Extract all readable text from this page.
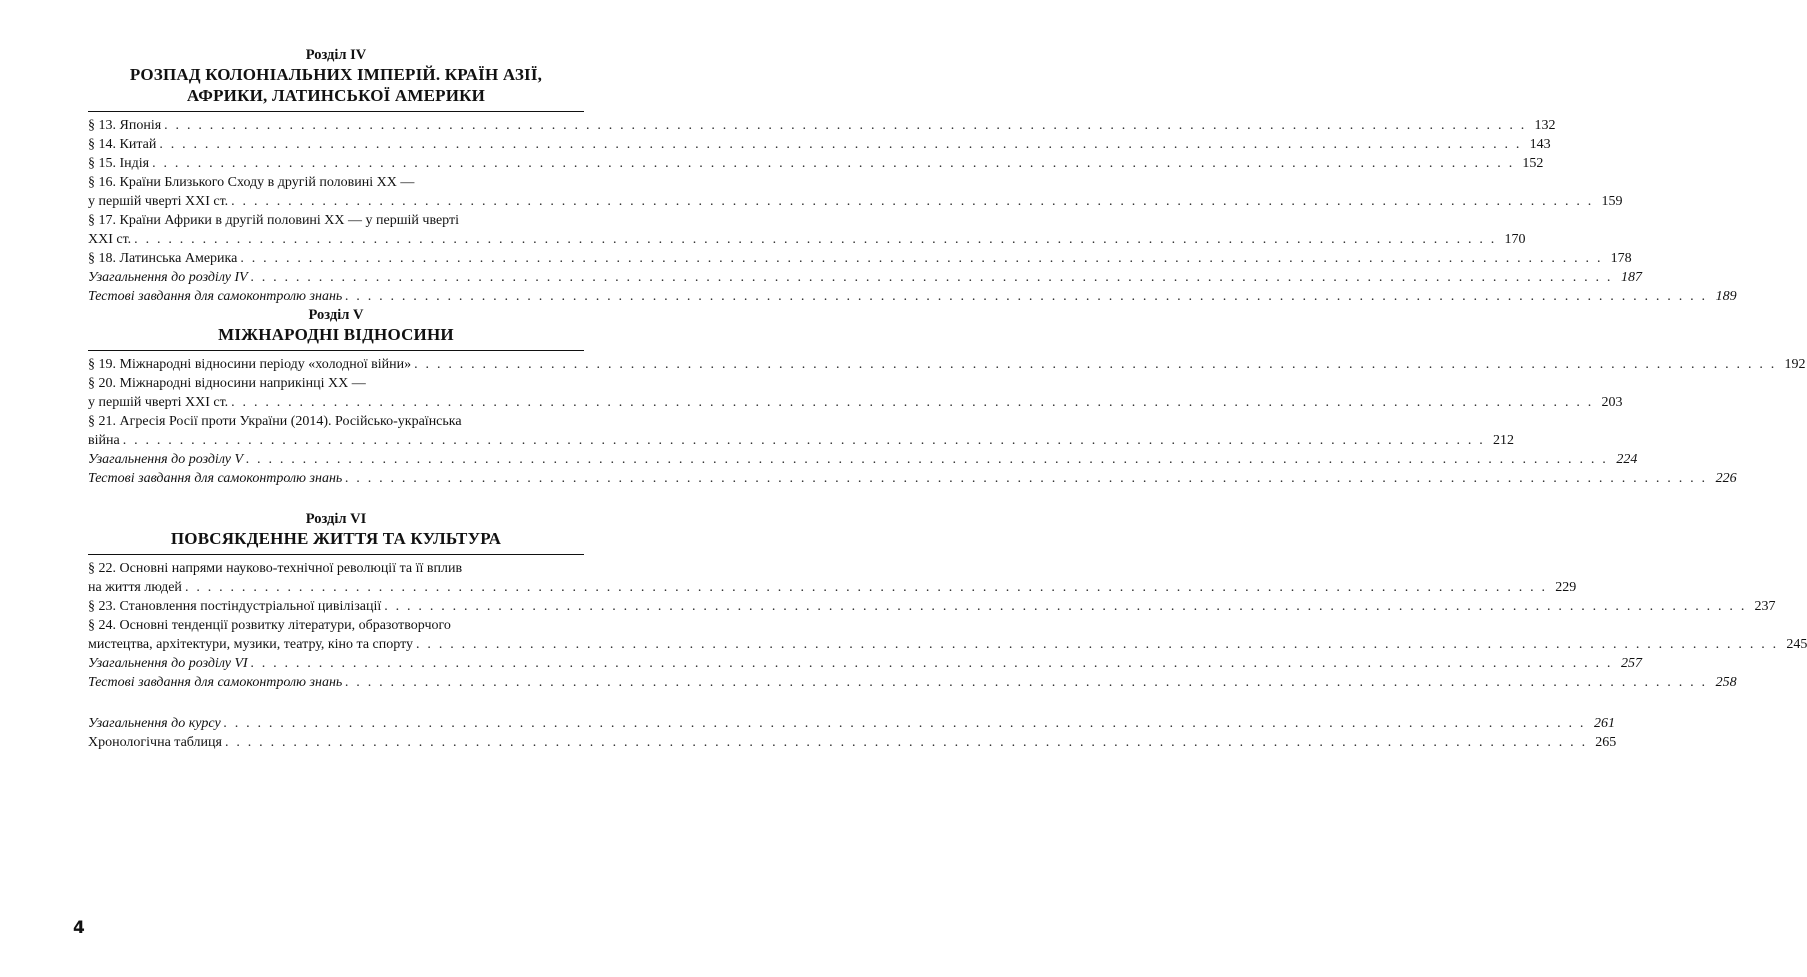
Розділ IV
РОЗПАД КОЛОНІАЛЬНИХ ІМПЕРІЙ. КРАЇН АЗІЇ,
АФРИКИ, ЛАТИНСЬКОЇ АМЕРИКИ
§ 13. Японія . . . . . . . . . . . . . . . . . . . . . . . . . . . . . . . . . . . . . . . . . . . . . . . . . . . . . . . . . . . . . . . . . . . . . . . . . . . . . . . . . . . . . . . . . . . . . . . . . . . . . . . . . . . . . . . . . . . . . . . . 132
§ 14. Китай . . . . . . . . . . . . . . . . . . . . . . . . . . . . . . . . . . . . . . . . . . . . . . . . . . . . . . . . . . . . . . . . . . . . . . . . . . . . . . . . . . . . . . . . . . . . . . . . . . . . . . . . . . . . . . . . . . . . . . . . 143
§ 15. Індія . . . . . . . . . . . . . . . . . . . . . . . . . . . . . . . . . . . . . . . . . . . . . . . . . . . . . . . . . . . . . . . . . . . . . . . . . . . . . . . . . . . . . . . . . . . . . . . . . . . . . . . . . . . . . . . . . . . . . . . . 152
§ 16. Країни Близького Сходу в другій половині XX —
у першій чверті XXI ст. . . . . . . . . . . . . . . . . . . . . . . . . . . . . . . . . . . . . . . . . . . . . . . . . . . . . . . . . . . . . . . . . . . . . . . . . . . . . . . . . . . . . . . . . . . . . . . . . . . . . . . . . . . . . . . . . . . . . . . . . 159
§ 17. Країни Африки в другій половині XX — у першій чверті
XXI ст. . . . . . . . . . . . . . . . . . . . . . . . . . . . . . . . . . . . . . . . . . . . . . . . . . . . . . . . . . . . . . . . . . . . . . . . . . . . . . . . . . . . . . . . . . . . . . . . . . . . . . . . . . . . . . . . . . . . . . . . . 170
§ 18. Латинська Америка . . . . . . . . . . . . . . . . . . . . . . . . . . . . . . . . . . . . . . . . . . . . . . . . . . . . . . . . . . . . . . . . . . . . . . . . . . . . . . . . . . . . . . . . . . . . . . . . . . . . . . . . . . . . . . . . . . . . . . . . 178
Узагальнення до розділу IV . . . . . . . . . . . . . . . . . . . . . . . . . . . . . . . . . . . . . . . . . . . . . . . . . . . . . . . . . . . . . . . . . . . . . . . . . . . . . . . . . . . . . . . . . . . . . . . . . . . . . . . . . . . . . . . . . . . . . . . . 187
Тестові завдання для самоконтролю знань . . . . . . . . . . . . . . . . . . . . . . . . . . . . . . . . . . . . . . . . . . . . . . . . . . . . . . . . . . . . . . . . . . . . . . . . . . . . . . . . . . . . . . . . . . . . . . . . . . . . . . . . . . . . . . . . . . . . . . . . 189
Розділ V
МІЖНАРОДНІ ВІДНОСИНИ
§ 19. Міжнародні відносини періоду «холодної війни» . . . . . . . . . . . . . . . . . . . . . . . . . . . . . . . . . . . . . . . . . . . . . . . . . . . . . . . . . . . . . . . . . . . . . . . . . . . . . . . . . . . . . . . . . . . . . . . . . . . . . . . . . . . . . . . . . . . . . . . . 192
§ 20. Міжнародні відносини наприкінці XX —
у першій чверті XXI ст. . . . . . . . . . . . . . . . . . . . . . . . . . . . . . . . . . . . . . . . . . . . . . . . . . . . . . . . . . . . . . . . . . . . . . . . . . . . . . . . . . . . . . . . . . . . . . . . . . . . . . . . . . . . . . . . . . . . . . . . . 203
§ 21. Агресія Росії проти України (2014). Російсько-українська
війна . . . . . . . . . . . . . . . . . . . . . . . . . . . . . . . . . . . . . . . . . . . . . . . . . . . . . . . . . . . . . . . . . . . . . . . . . . . . . . . . . . . . . . . . . . . . . . . . . . . . . . . . . . . . . . . . . . . . . . . . 212
Узагальнення до розділу V . . . . . . . . . . . . . . . . . . . . . . . . . . . . . . . . . . . . . . . . . . . . . . . . . . . . . . . . . . . . . . . . . . . . . . . . . . . . . . . . . . . . . . . . . . . . . . . . . . . . . . . . . . . . . . . . . . . . . . . . 224
Тестові завдання для самоконтролю знань . . . . . . . . . . . . . . . . . . . . . . . . . . . . . . . . . . . . . . . . . . . . . . . . . . . . . . . . . . . . . . . . . . . . . . . . . . . . . . . . . . . . . . . . . . . . . . . . . . . . . . . . . . . . . . . . . . . . . . . . 226
Розділ VI
ПОВСЯКДЕННЕ ЖИТТЯ ТА КУЛЬТУРА
§ 22. Основні напрями науково-технічної революції та її вплив
на життя людей . . . . . . . . . . . . . . . . . . . . . . . . . . . . . . . . . . . . . . . . . . . . . . . . . . . . . . . . . . . . . . . . . . . . . . . . . . . . . . . . . . . . . . . . . . . . . . . . . . . . . . . . . . . . . . . . . . . . . . . . 229
§ 23. Становлення постіндустріальної цивілізації . . . . . . . . . . . . . . . . . . . . . . . . . . . . . . . . . . . . . . . . . . . . . . . . . . . . . . . . . . . . . . . . . . . . . . . . . . . . . . . . . . . . . . . . . . . . . . . . . . . . . . . . . . . . . . . . . . . . . . . . 237
§ 24. Основні тенденції розвитку літератури, образотворчого
мистецтва, архітектури, музики, театру, кіно та спорту . . . . . . . . . . . . . . . . . . . . . . . . . . . . . . . . . . . . . . . . . . . . . . . . . . . . . . . . . . . . . . . . . . . . . . . . . . . . . . . . . . . . . . . . . . . . . . . . . . . . . . . . . . . . . . . . . . . . . . . . 245
Узагальнення до розділу VI . . . . . . . . . . . . . . . . . . . . . . . . . . . . . . . . . . . . . . . . . . . . . . . . . . . . . . . . . . . . . . . . . . . . . . . . . . . . . . . . . . . . . . . . . . . . . . . . . . . . . . . . . . . . . . . . . . . . . . . . 257
Тестові завдання для самоконтролю знань . . . . . . . . . . . . . . . . . . . . . . . . . . . . . . . . . . . . . . . . . . . . . . . . . . . . . . . . . . . . . . . . . . . . . . . . . . . . . . . . . . . . . . . . . . . . . . . . . . . . . . . . . . . . . . . . . . . . . . . . 258
Узагальнення до курсу . . . . . . . . . . . . . . . . . . . . . . . . . . . . . . . . . . . . . . . . . . . . . . . . . . . . . . . . . . . . . . . . . . . . . . . . . . . . . . . . . . . . . . . . . . . . . . . . . . . . . . . . . . . . . . . . . . . . . . . . 261
Хронологічна таблиця . . . . . . . . . . . . . . . . . . . . . . . . . . . . . . . . . . . . . . . . . . . . . . . . . . . . . . . . . . . . . . . . . . . . . . . . . . . . . . . . . . . . . . . . . . . . . . . . . . . . . . . . . . . . . . . . . . . . . . . . 265
4
